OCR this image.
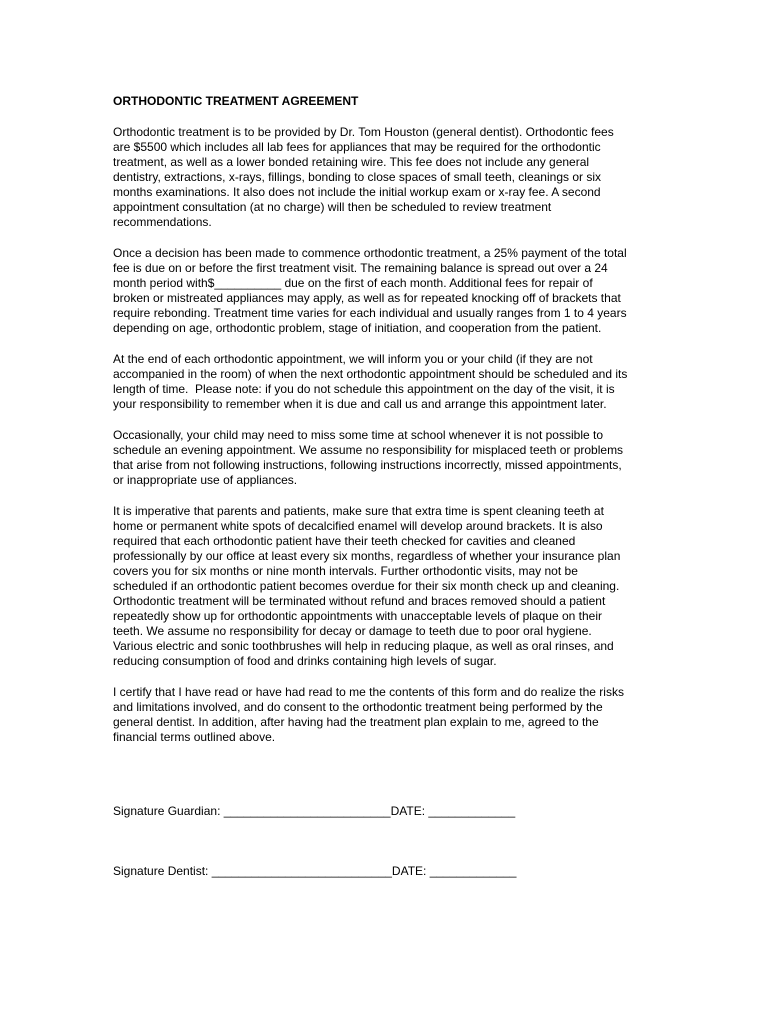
ORTHODONTIC TREATMENT AGREEMENT
Orthodontic treatment is to be provided by Dr. Tom Houston (general dentist). Orthodontic fees
are $5500 which includes all lab fees for appliances that may be required for the orthodontic
treatment, as well as a lower bonded retaining wire. This fee does not include any general
dentistry, extractions, x-rays, fillings, bonding to close spaces of small teeth, cleanings or six
months examinations. It also does not include the initial workup exam or x-ray fee. A second
appointment consultation (at no charge) will then be scheduled to review treatment
recommendations.
Once a decision has been made to commence orthodontic treatment, a 25% payment of the total
fee is due on or before the first treatment visit. The remaining balance is spread out over a 24
month period with$__________ due on the first of each month. Additional fees for repair of
broken or mistreated appliances may apply, as well as for repeated knocking off of brackets that
require rebonding. Treatment time varies for each individual and usually ranges from 1 to 4 years
depending on age, orthodontic problem, stage of initiation, and cooperation from the patient.
At the end of each orthodontic appointment, we will inform you or your child (if they are not
accompanied in the room) of when the next orthodontic appointment should be scheduled and its
length of time.  Please note: if you do not schedule this appointment on the day of the visit, it is
your responsibility to remember when it is due and call us and arrange this appointment later.
Occasionally, your child may need to miss some time at school whenever it is not possible to
schedule an evening appointment. We assume no responsibility for misplaced teeth or problems
that arise from not following instructions, following instructions incorrectly, missed appointments,
or inappropriate use of appliances.
It is imperative that parents and patients, make sure that extra time is spent cleaning teeth at
home or permanent white spots of decalcified enamel will develop around brackets. It is also
required that each orthodontic patient have their teeth checked for cavities and cleaned
professionally by our office at least every six months, regardless of whether your insurance plan
covers you for six months or nine month intervals. Further orthodontic visits, may not be
scheduled if an orthodontic patient becomes overdue for their six month check up and cleaning.
Orthodontic treatment will be terminated without refund and braces removed should a patient
repeatedly show up for orthodontic appointments with unacceptable levels of plaque on their
teeth. We assume no responsibility for decay or damage to teeth due to poor oral hygiene.
Various electric and sonic toothbrushes will help in reducing plaque, as well as oral rinses, and
reducing consumption of food and drinks containing high levels of sugar.
I certify that I have read or have had read to me the contents of this form and do realize the risks
and limitations involved, and do consent to the orthodontic treatment being performed by the
general dentist. In addition, after having had the treatment plan explain to me, agreed to the
financial terms outlined above.
Signature Guardian: _________________________DATE: _____________
Signature Dentist: ___________________________DATE: _____________
